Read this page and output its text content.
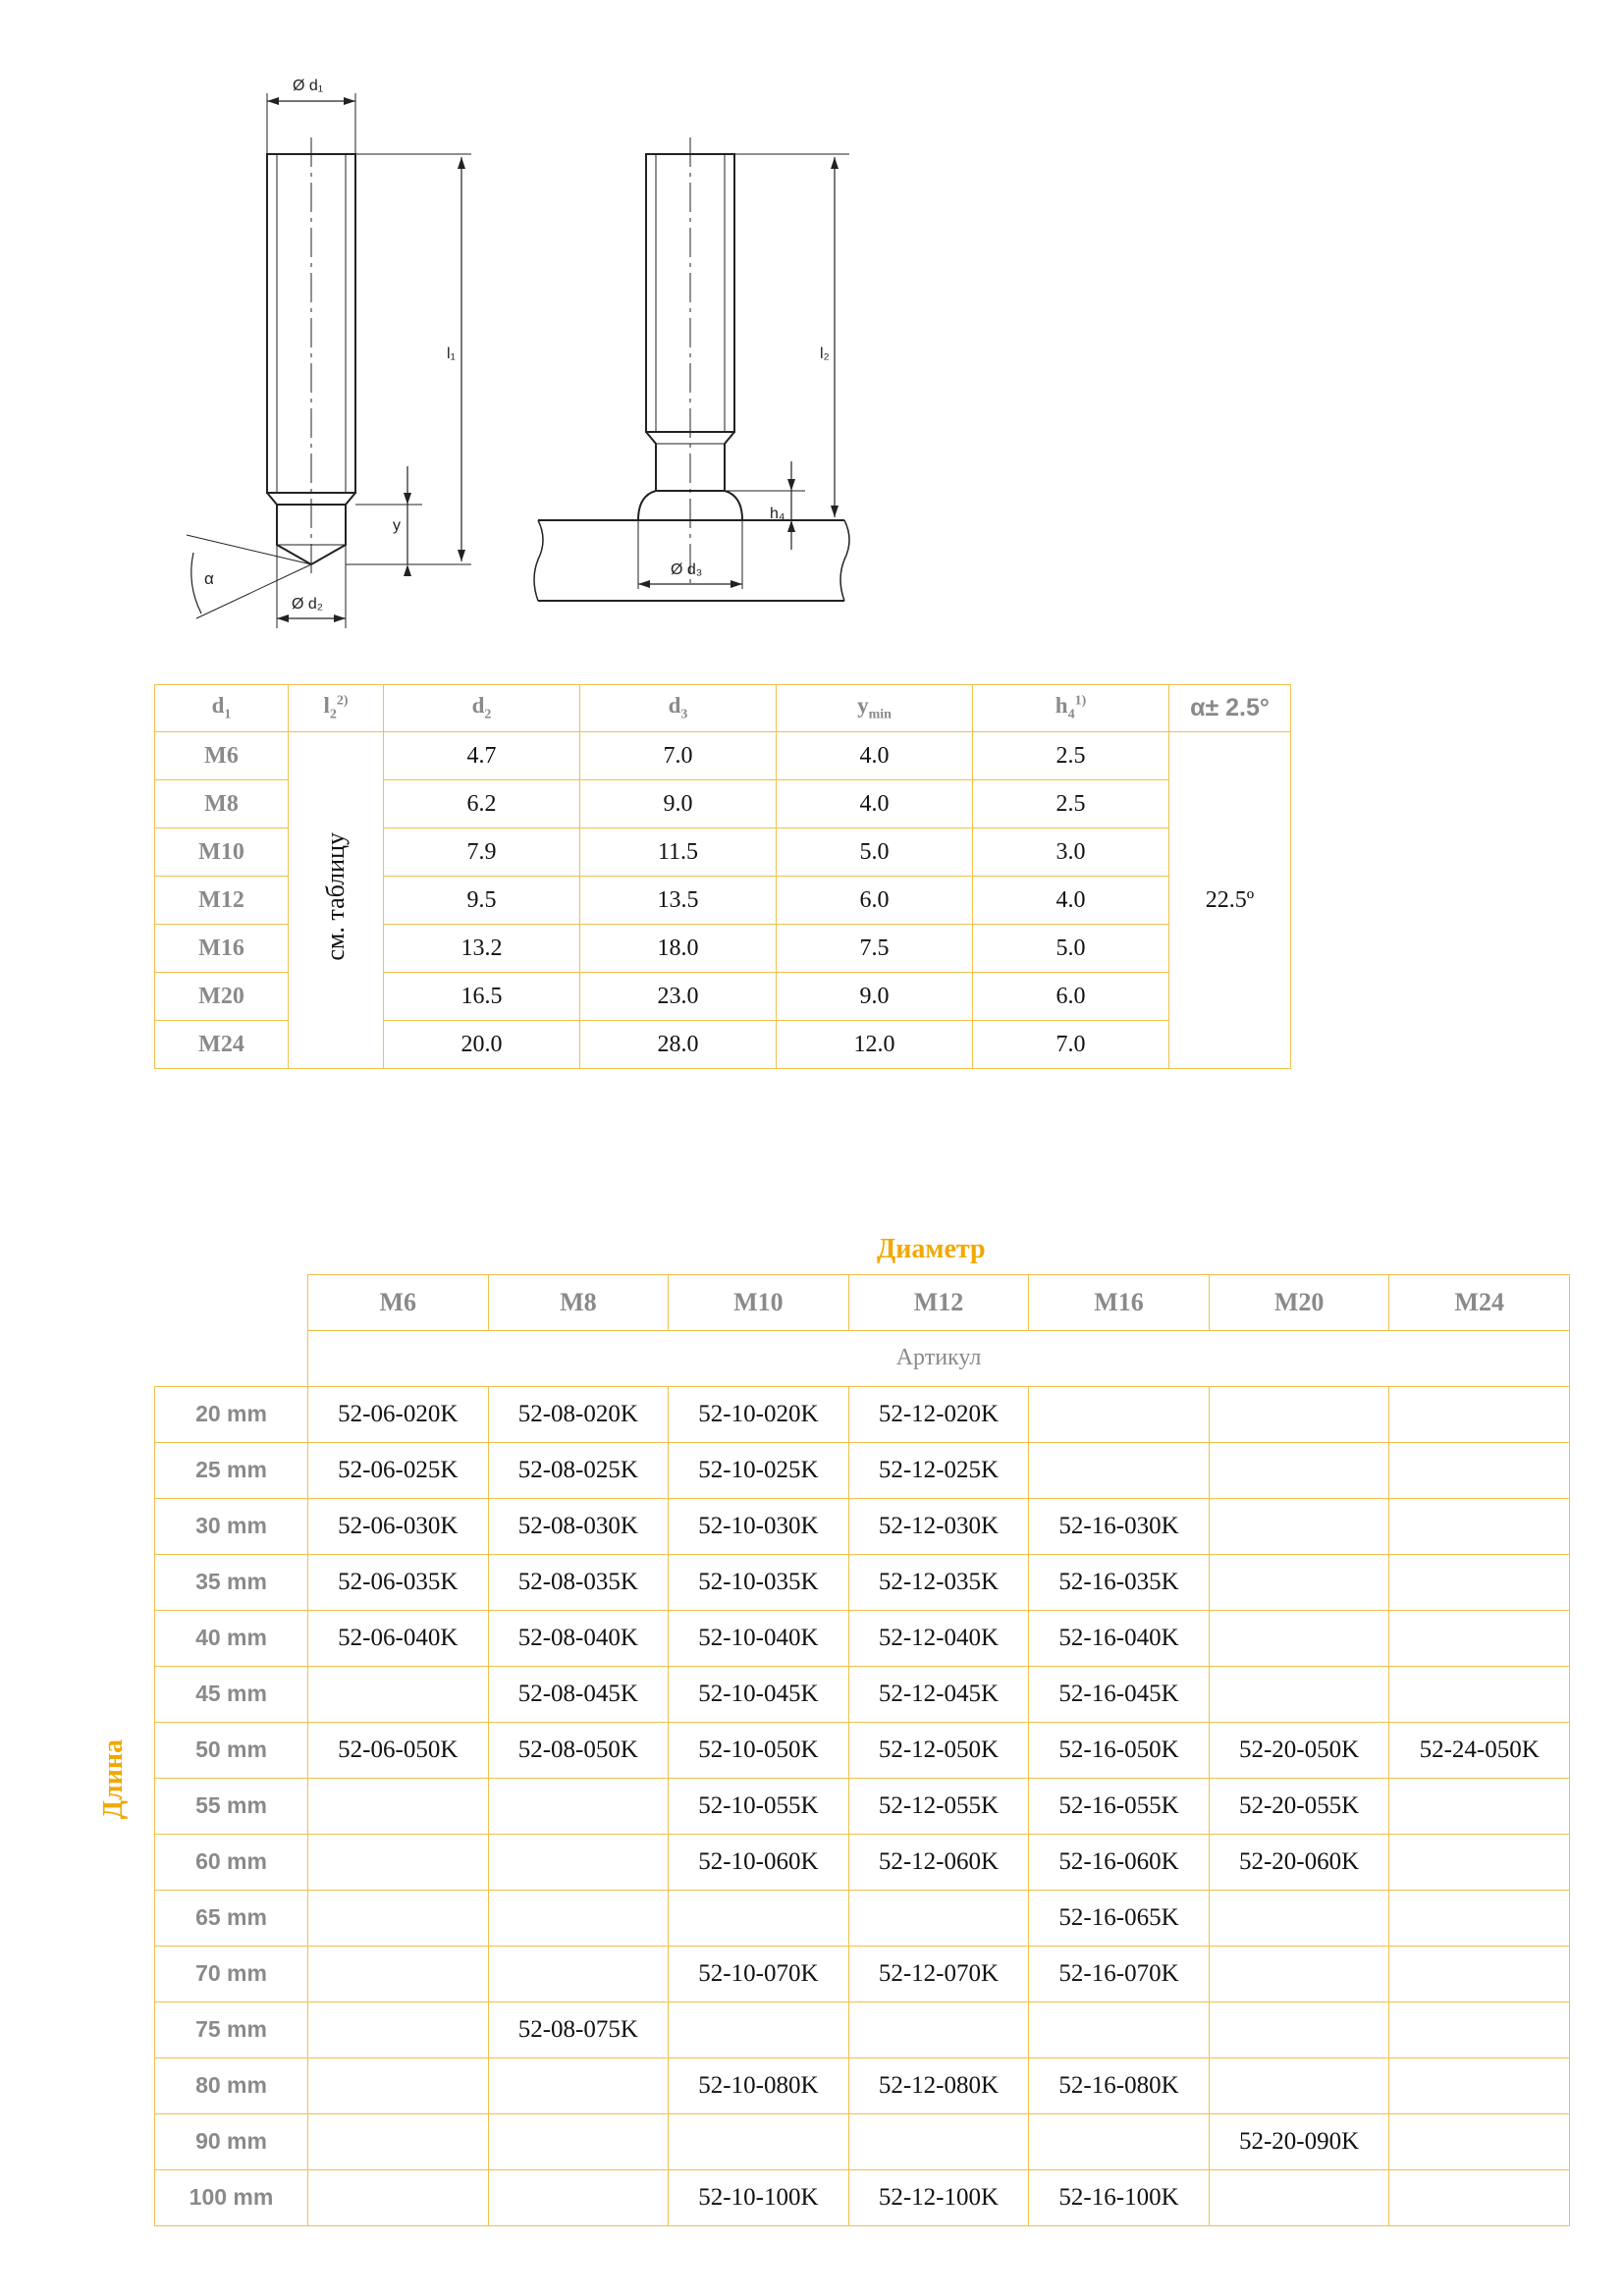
Ø d₁
l₁
y
Ø d₂
α
l₂
h₄
Ø d₃
$d_1$	$l_2^{2)}$	$d_2$	$d_3$	$y_{min}$	$h_4^{1)}$	α± 2.5°
M6	см. таблицу	4.7	7.0	4.0	2.5	22.5º
M8		6.2	9.0	4.0	2.5	
M10		7.9	11.5	5.0	3.0	
M12		9.5	13.5	6.0	4.0	
M16		13.2	18.0	7.5	5.0	
M20		16.5	23.0	9.0	6.0	
M24		20.0	28.0	12.0	7.0	
Диаметр
Длина
	M6	M8	M10	M12	M16	M20	M24
	Артикул						
20 mm	52-06-020K	52-08-020K	52-10-020K	52-12-020K			
25 mm	52-06-025K	52-08-025K	52-10-025K	52-12-025K			
30 mm	52-06-030K	52-08-030K	52-10-030K	52-12-030K	52-16-030K		
35 mm	52-06-035K	52-08-035K	52-10-035K	52-12-035K	52-16-035K		
40 mm	52-06-040K	52-08-040K	52-10-040K	52-12-040K	52-16-040K		
45 mm		52-08-045K	52-10-045K	52-12-045K	52-16-045K		
50 mm	52-06-050K	52-08-050K	52-10-050K	52-12-050K	52-16-050K	52-20-050K	52-24-050K
55 mm			52-10-055K	52-12-055K	52-16-055K	52-20-055K	
60 mm			52-10-060K	52-12-060K	52-16-060K	52-20-060K	
65 mm					52-16-065K		
70 mm			52-10-070K	52-12-070K	52-16-070K		
75 mm		52-08-075K					
80 mm			52-10-080K	52-12-080K	52-16-080K		
90 mm						52-20-090K	
100 mm			52-10-100K	52-12-100K	52-16-100K		
